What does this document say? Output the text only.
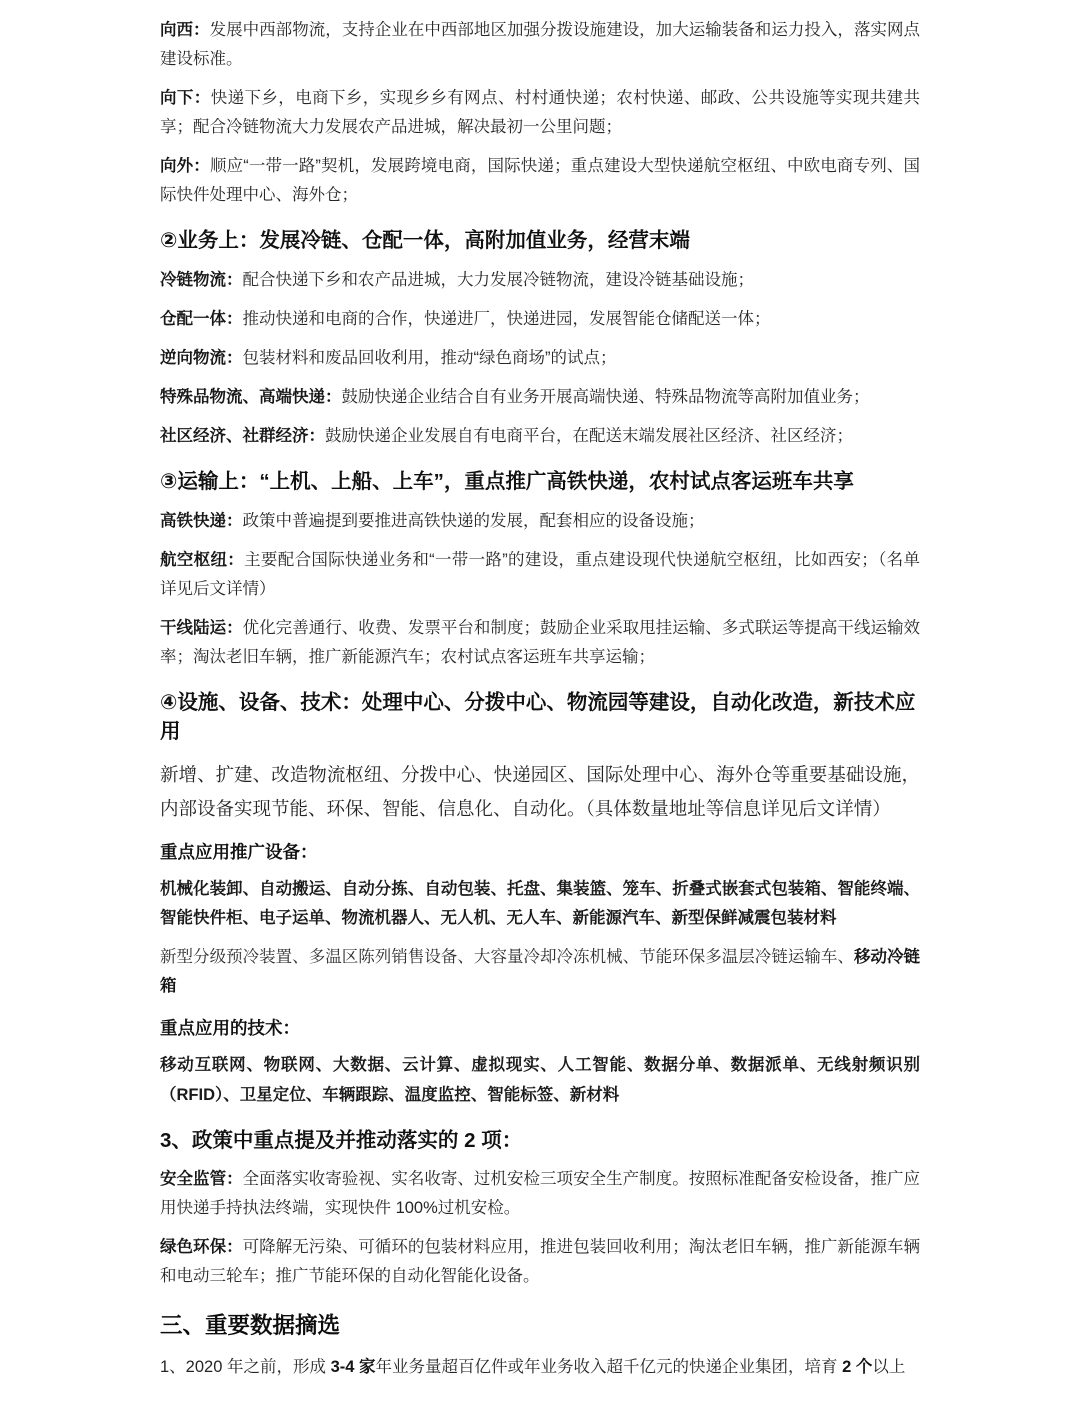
向西：发展中西部物流，支持企业在中西部地区加强分拨设施建设，加大运输装备和运力投入，落实网点建设标准。

向下：快递下乡，电商下乡，实现乡乡有网点、村村通快递；农村快递、邮政、公共设施等实现共建共享；配合冷链物流大力发展农产品进城，解决最初一公里问题；

向外：顺应“一带一路”契机，发展跨境电商，国际快递；重点建设大型快递航空枢纽、中欧电商专列、国际快件处理中心、海外仓；

②业务上：发展冷链、仓配一体，高附加值业务，经营末端

冷链物流：配合快递下乡和农产品进城，大力发展冷链物流，建设冷链基础设施；

仓配一体：推动快递和电商的合作，快递进厂，快递进园，发展智能仓储配送一体；

逆向物流：包装材料和废品回收利用，推动“绿色商场”的试点；

特殊品物流、高端快递：鼓励快递企业结合自有业务开展高端快递、特殊品物流等高附加值业务；

社区经济、社群经济：鼓励快递企业发展自有电商平台，在配送末端发展社区经济、社区经济；

③运输上：“上机、上船、上车”，重点推广高铁快递，农村试点客运班车共享

高铁快递：政策中普遍提到要推进高铁快递的发展，配套相应的设备设施；

航空枢纽：主要配合国际快递业务和“一带一路”的建设，重点建设现代快递航空枢纽，比如西安；（名单详见后文详情）

干线陆运：优化完善通行、收费、发票平台和制度；鼓励企业采取甩挂运输、多式联运等提高干线运输效率；淘汰老旧车辆，推广新能源汽车；农村试点客运班车共享运输；

④设施、设备、技术：处理中心、分拨中心、物流园等建设，自动化改造，新技术应用

新增、扩建、改造物流枢纽、分拨中心、快递园区、国际处理中心、海外仓等重要基础设施，内部设备实现节能、环保、智能、信息化、自动化。（具体数量地址等信息详见后文详情）

重点应用推广设备：

机械化装卸、自动搬运、自动分拣、自动包装、托盘、集装篮、笼车、折叠式嵌套式包装箱、智能终端、智能快件柜、电子运单、物流机器人、无人机、无人车、新能源汽车、新型保鲜减震包装材料

新型分级预冷装置、多温区陈列销售设备、大容量冷却冷冻机械、节能环保多温层冷链运输车、移动冷链箱

重点应用的技术：

移动互联网、物联网、大数据、云计算、虚拟现实、人工智能、数据分单、数据派单、无线射频识别（RFID）、卫星定位、车辆跟踪、温度监控、智能标签、新材料

3、政策中重点提及并推动落实的 2 项：

安全监管：全面落实收寄验视、实名收寄、过机安检三项安全生产制度。按照标准配备安检设备，推广应用快递手持执法终端，实现快件 100%过机安检。

绿色环保：可降解无污染、可循环的包装材料应用，推进包装回收利用；淘汰老旧车辆，推广新能源车辆和电动三轮车；推广节能环保的自动化智能化设备。

三、重要数据摘选

1、2020 年之前，形成 3-4 家年业务量超百亿件或年业务收入超千亿元的快递企业集团，培育 2 个以上
